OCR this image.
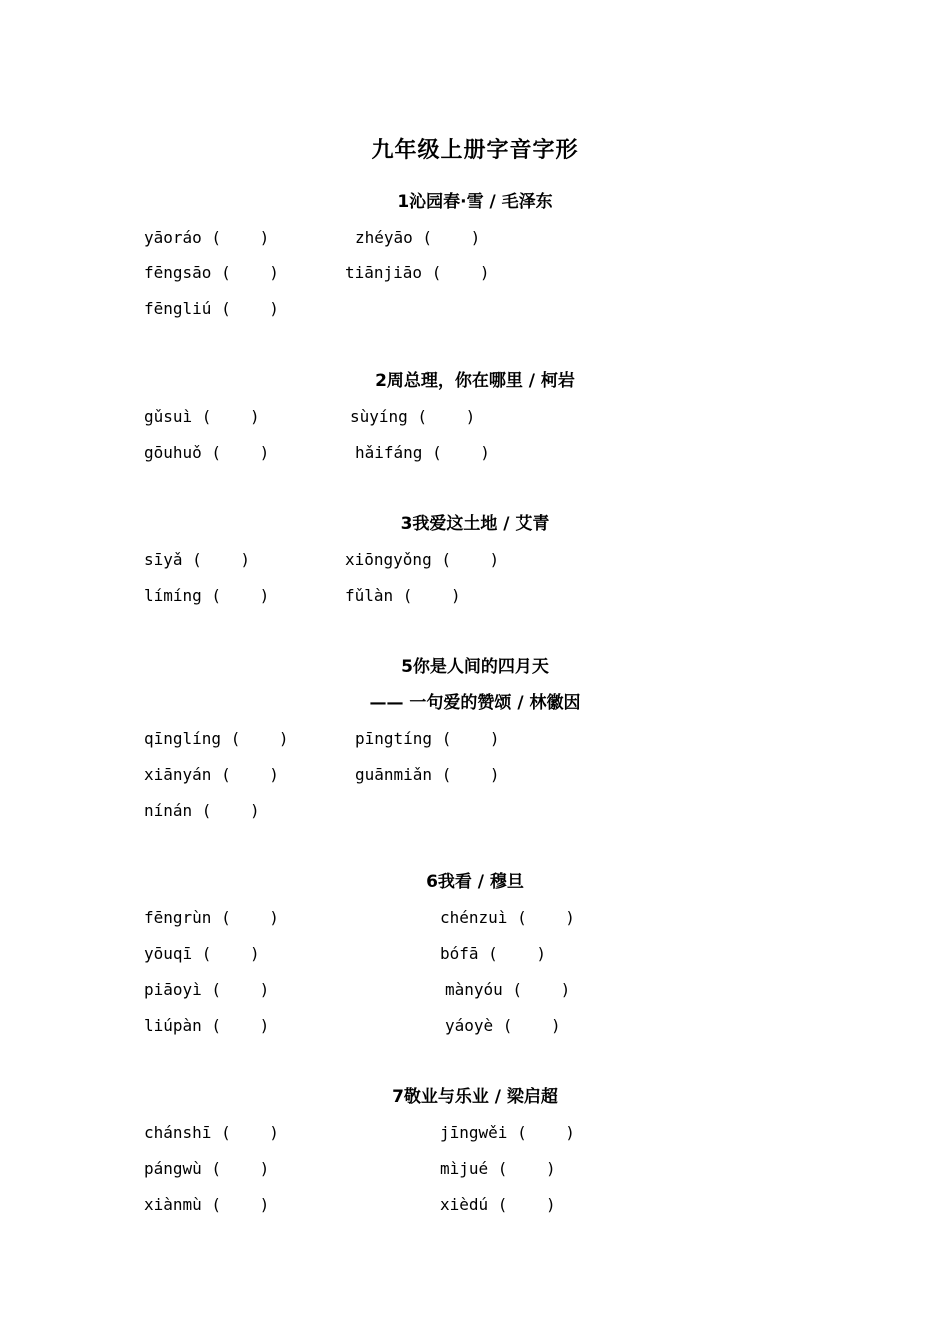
九年级上册字音字形
1沁园春·雪 / 毛泽东
yāoráo (    )	zhéyāo (    )
fēngsāo (    )	tiānjiāo (    )
fēngliú (    )
2周总理，你在哪里 / 柯岩
gǔsuì (    )	sùyíng (    )
gōuhuǒ (    )	hǎifáng (    )
3我爱这土地 / 艾青
sīyǎ (    )	xiōngyǒng (    )
límíng (    )	fǔlàn (    )
5你是人间的四月天
—— 一句爱的赞颂 / 林徽因
qīnglíng (    )	pīngtíng (    )
xiānyán (    )	guānmiǎn (    )
nínán (    )
6我看 / 穆旦
fēngrùn (    )	chénzuì (    )
yōuqī (    )	bófā (    )
piāoyì (    )	mànyóu (    )
liúpàn (    )	yáoyè (    )
7敬业与乐业 / 梁启超
chánshī (    )	jīngwěi (    )
pángwù (    )	mìjué (    )
xiànmù (    )	xièdú (    )
